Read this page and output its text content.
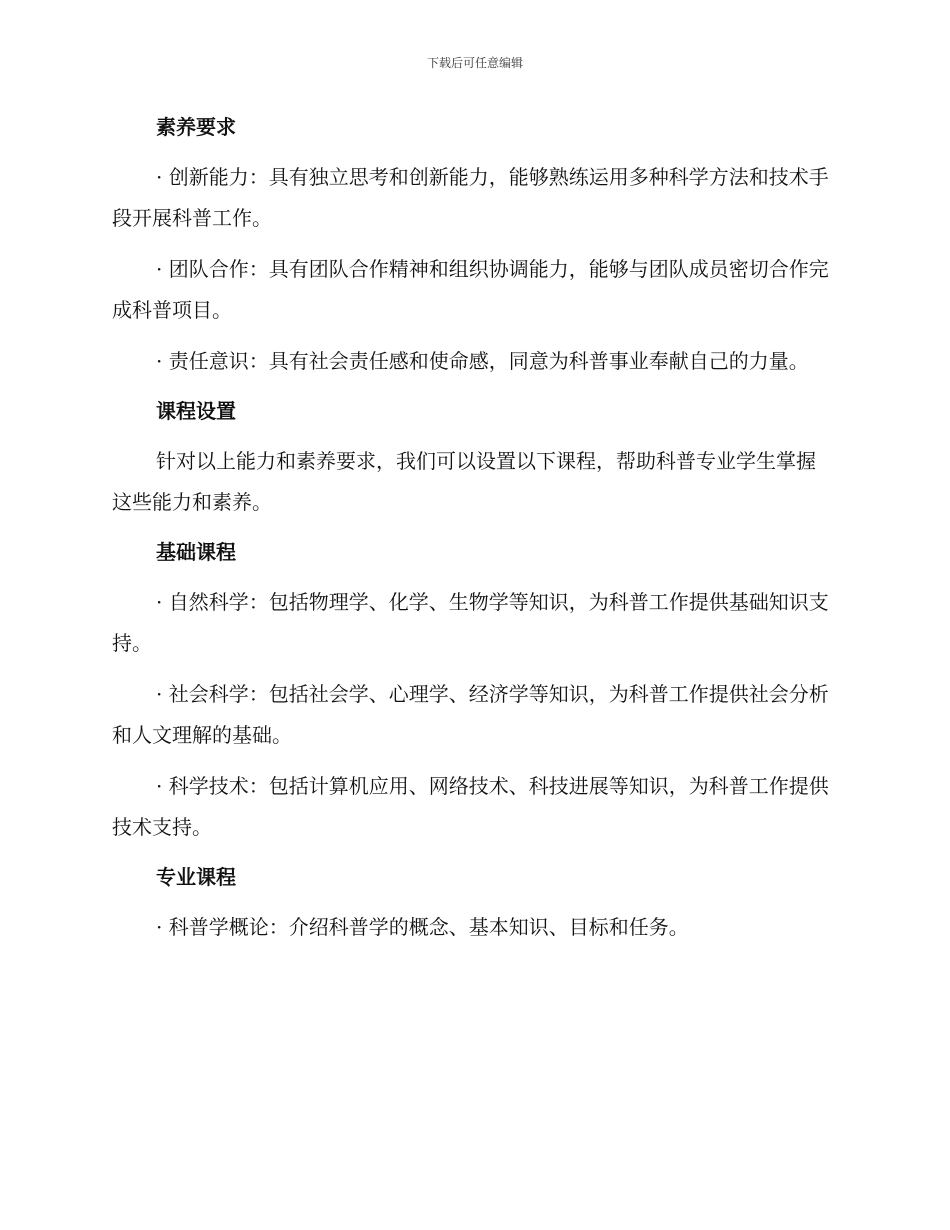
下载后可任意编辑
素养要求

· 创新能力：具有独立思考和创新能力，能够熟练运用多种科学方法和技术手段开展科普工作。

· 团队合作：具有团队合作精神和组织协调能力，能够与团队成员密切合作完成科普项目。

· 责任意识：具有社会责任感和使命感，同意为科普事业奉献自己的力量。

课程设置

针对以上能力和素养要求，我们可以设置以下课程，帮助科普专业学生掌握这些能力和素养。

基础课程

· 自然科学：包括物理学、化学、生物学等知识，为科普工作提供基础知识支持。

· 社会科学：包括社会学、心理学、经济学等知识，为科普工作提供社会分析和人文理解的基础。

· 科学技术：包括计算机应用、网络技术、科技进展等知识，为科普工作提供技术支持。

专业课程

· 科普学概论：介绍科普学的概念、基本知识、目标和任务。
